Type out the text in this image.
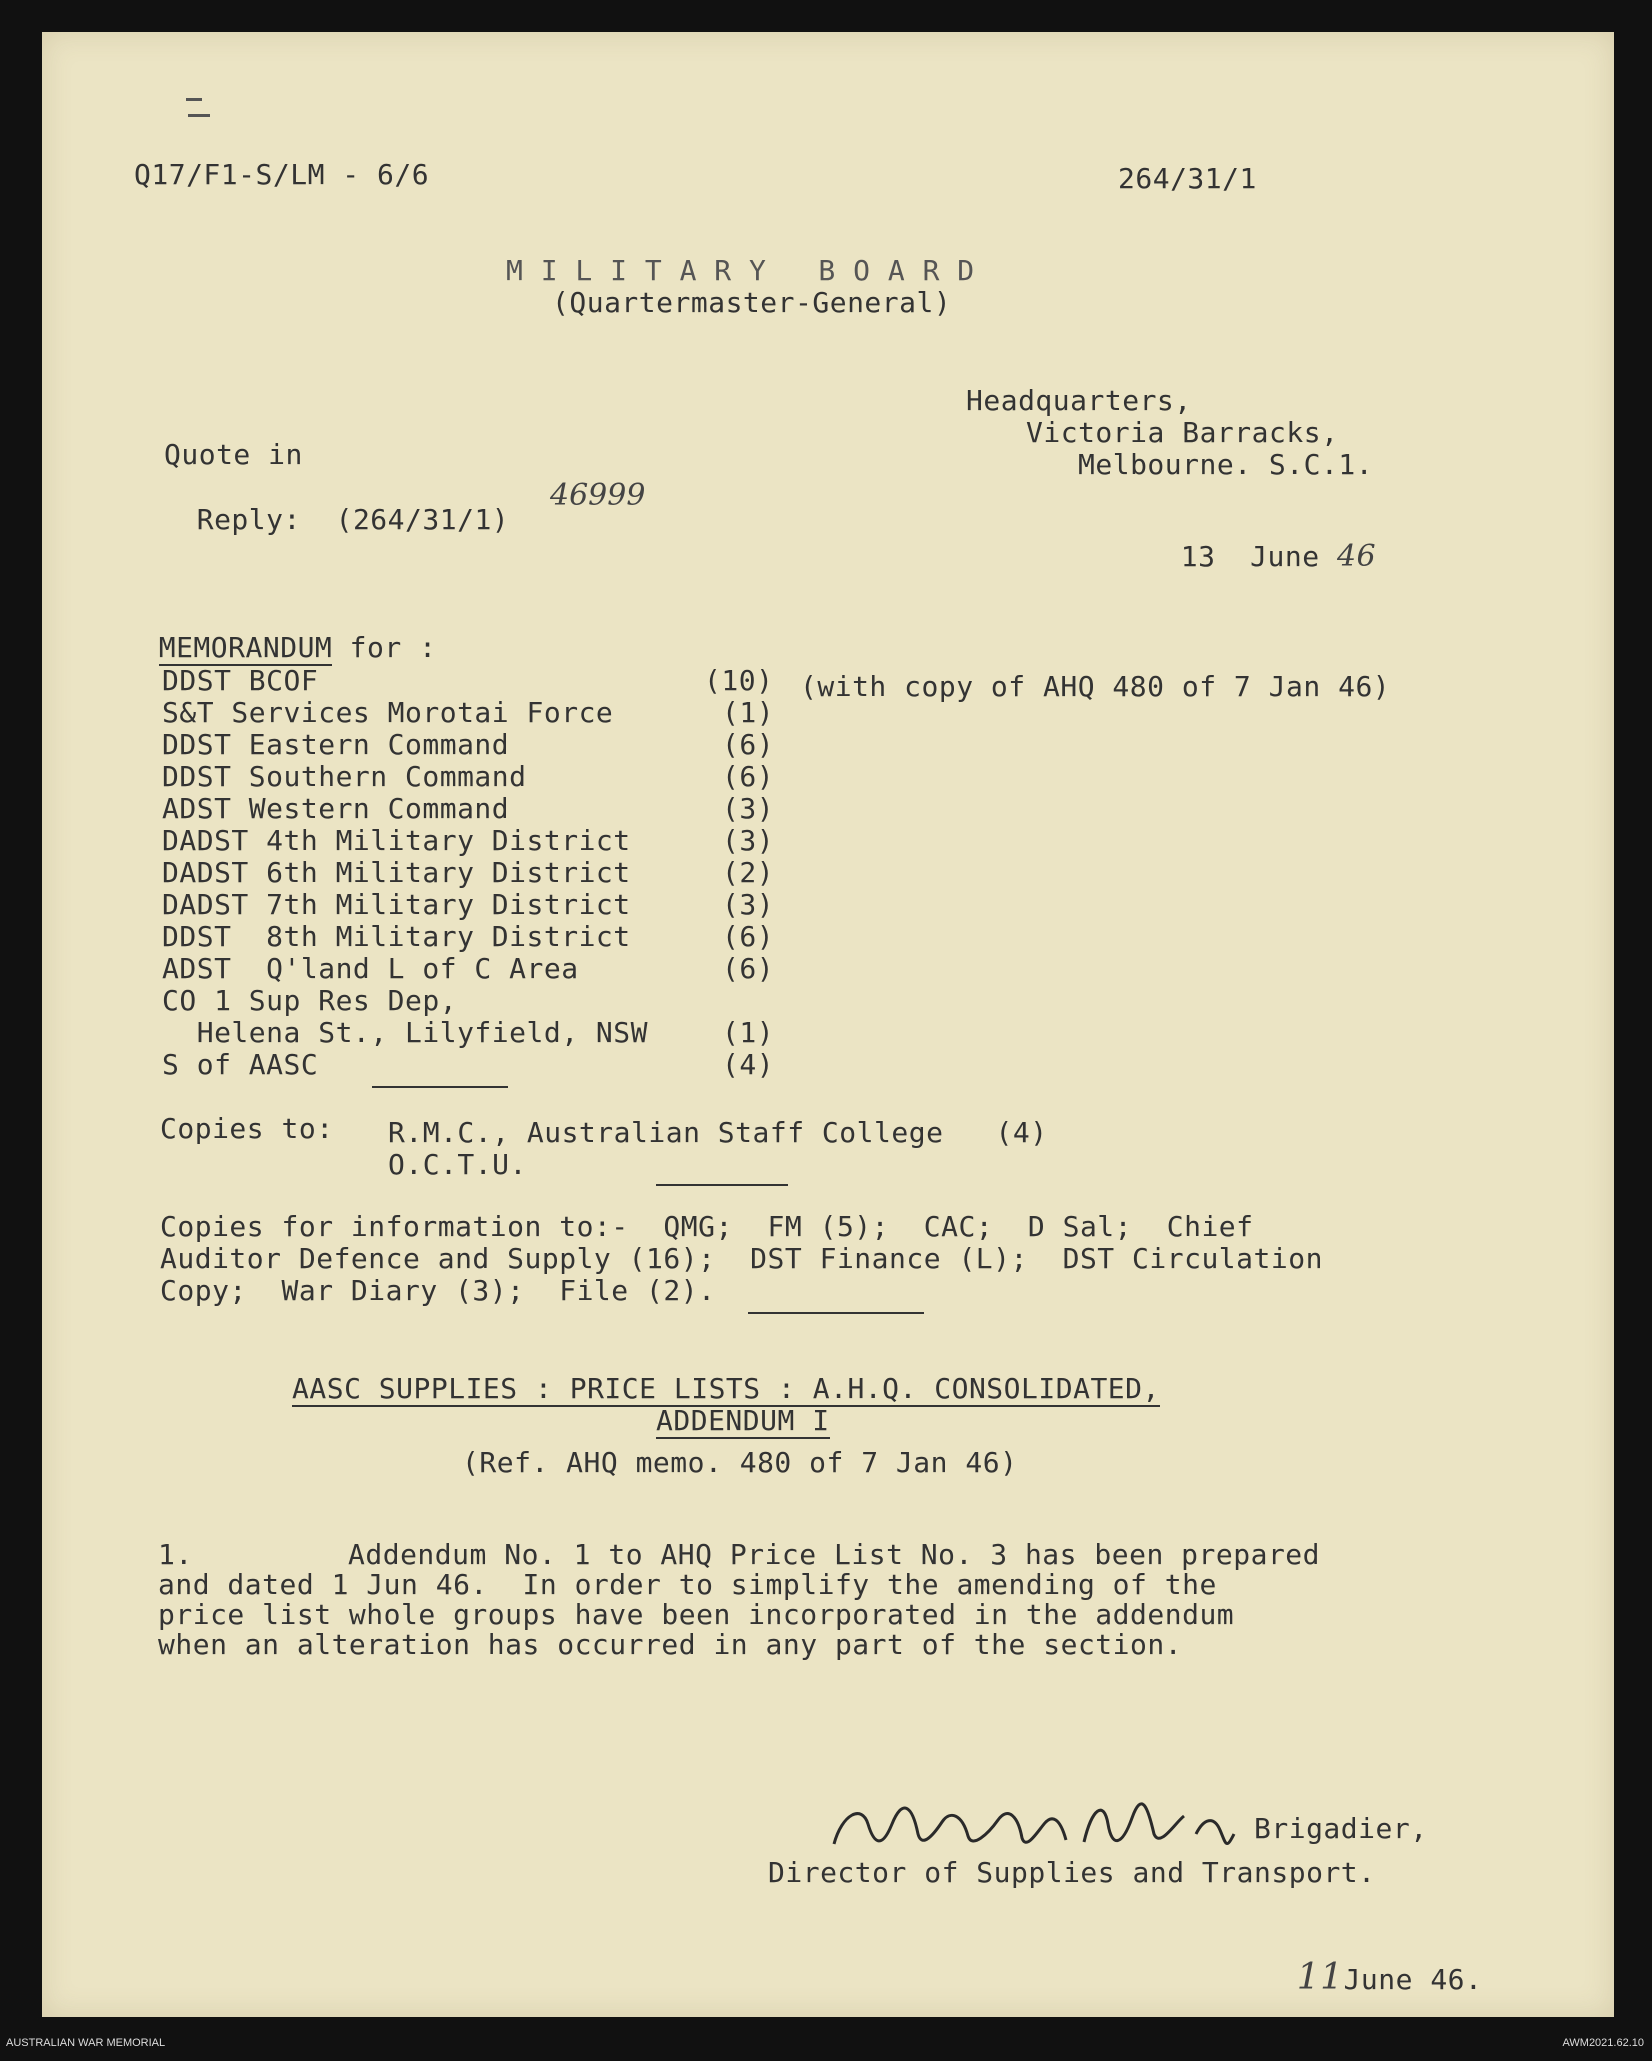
Q17/F1-S/LM - 6/6	264/31/1
M I L I T A R Y   B O A R D
(Quartermaster-General)
Headquarters,
Victoria Barracks,
Melbourne. S.C.1.

13  June 46

Quote in

Reply: (264/31/1)

46999

MEMORANDUM for :

DDST BCOF	(10) (with copy of AHQ 480 of 7 Jan 46)
S&T Services Morotai Force	(1)
DDST Eastern Command	(6)
DDST Southern Command	(6)
ADST Western Command	(3)
DADST 4th Military District	(3)
DADST 6th Military District	(2)
DADST 7th Military District	(3)
DDST  8th Military District	(6)
ADST  Q'land L of C Area	(6)
CO 1 Sup Res Dep,
Helena St., Lilyfield, NSW	(1)
S of AASC	(4)
Copies to: R.M.C., Australian Staff College   (4)
O.C.T.U.
Copies for information to:-  QMG;  FM (5);  CAC;  D Sal;  Chief
Auditor Defence and Supply (16);  DST Finance (L);  DST Circulation
Copy;  War Diary (3);  File (2).
AASC SUPPLIES : PRICE LISTS : A.H.Q. CONSOLIDATED,
ADDENDUM I
(Ref. AHQ memo. 480 of 7 Jan 46)
1.	Addendum No. 1 to AHQ Price List No. 3 has been prepared
and dated 1 Jun 46.  In order to simplify the amending of the
price list whole groups have been incorporated in the addendum
when an alteration has occurred in any part of the section.
Brigadier,
Director of Supplies and Transport.

11June 46.

AUSTRALIAN WAR MEMORIAL	AWM2021.62.10
